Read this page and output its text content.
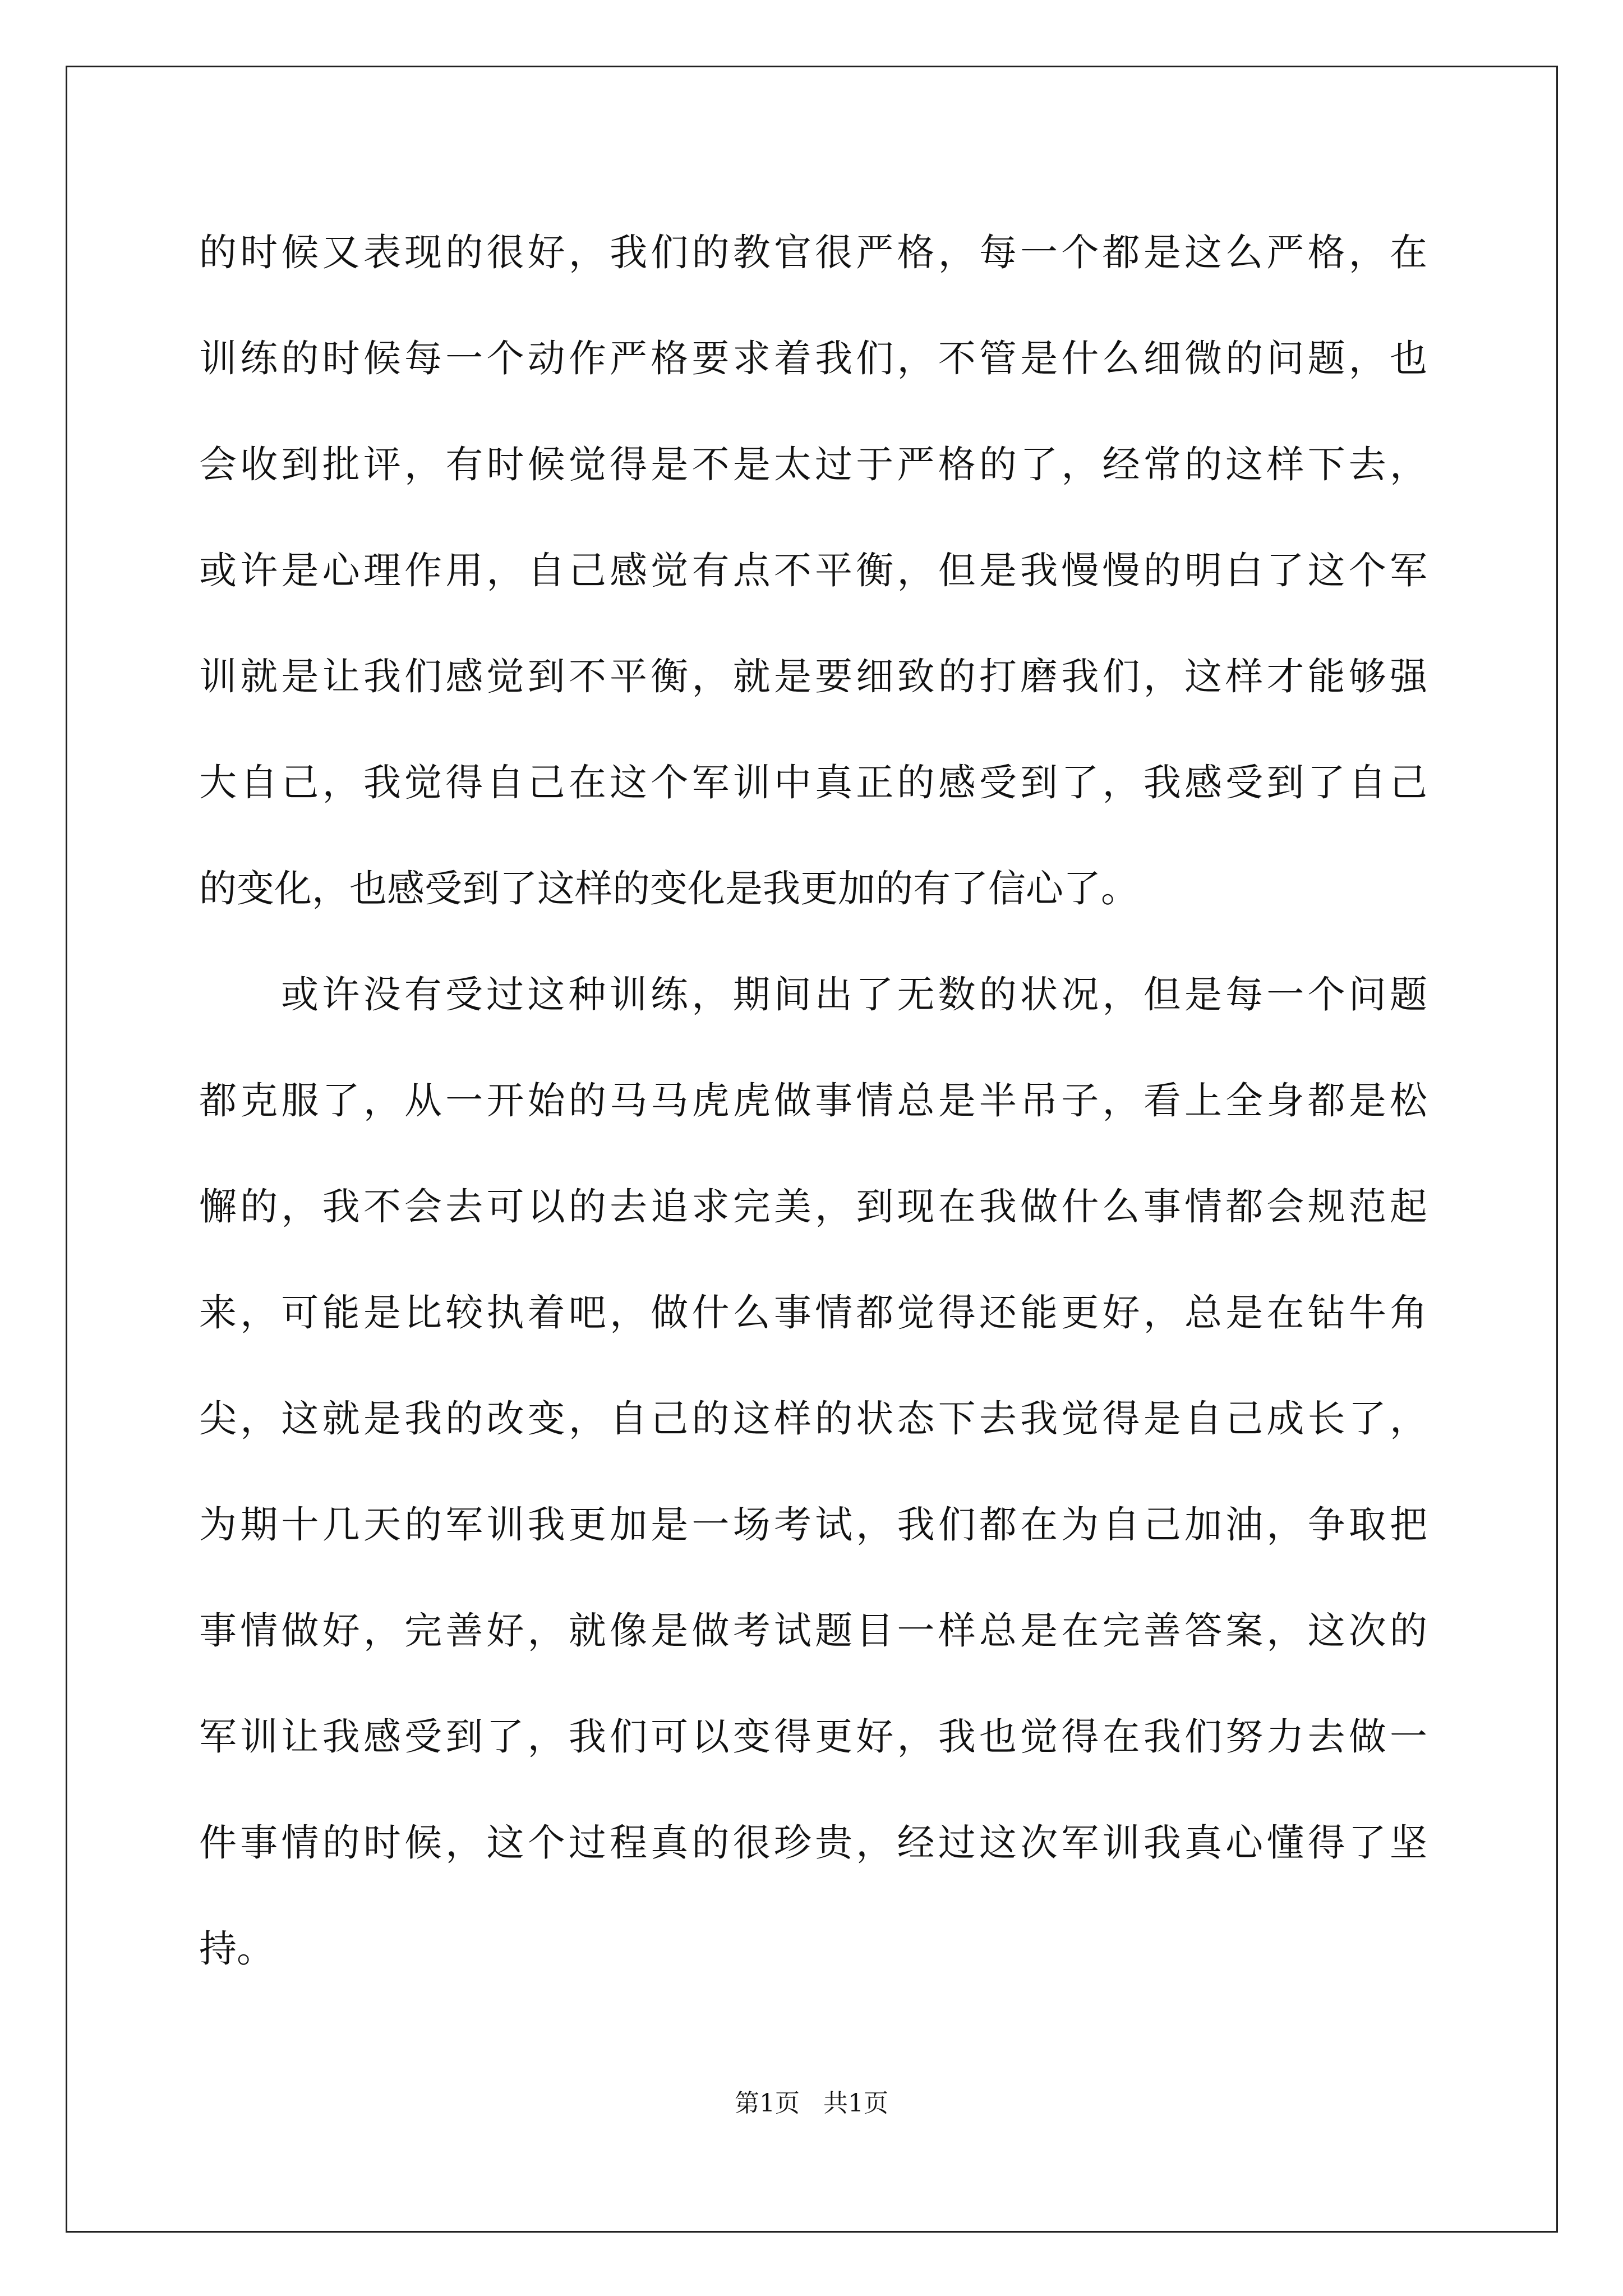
的时候又表现的很好，我们的教官很严格，每一个都是这么严格，在
训练的时候每一个动作严格要求着我们，不管是什么细微的问题，也
会收到批评，有时候觉得是不是太过于严格的了，经常的这样下去，
或许是心理作用，自己感觉有点不平衡，但是我慢慢的明白了这个军
训就是让我们感觉到不平衡，就是要细致的打磨我们，这样才能够强
大自己，我觉得自己在这个军训中真正的感受到了，我感受到了自己
的变化，也感受到了这样的变化是我更加的有了信心了。
或许没有受过这种训练，期间出了无数的状况，但是每一个问题
都克服了，从一开始的马马虎虎做事情总是半吊子，看上全身都是松
懈的，我不会去可以的去追求完美，到现在我做什么事情都会规范起
来，可能是比较执着吧，做什么事情都觉得还能更好，总是在钻牛角
尖，这就是我的改变，自己的这样的状态下去我觉得是自己成长了，
为期十几天的军训我更加是一场考试，我们都在为自己加油，争取把
事情做好，完善好，就像是做考试题目一样总是在完善答案，这次的
军训让我感受到了，我们可以变得更好，我也觉得在我们努力去做一
件事情的时候，这个过程真的很珍贵，经过这次军训我真心懂得了坚
持。
第1页   共1页
